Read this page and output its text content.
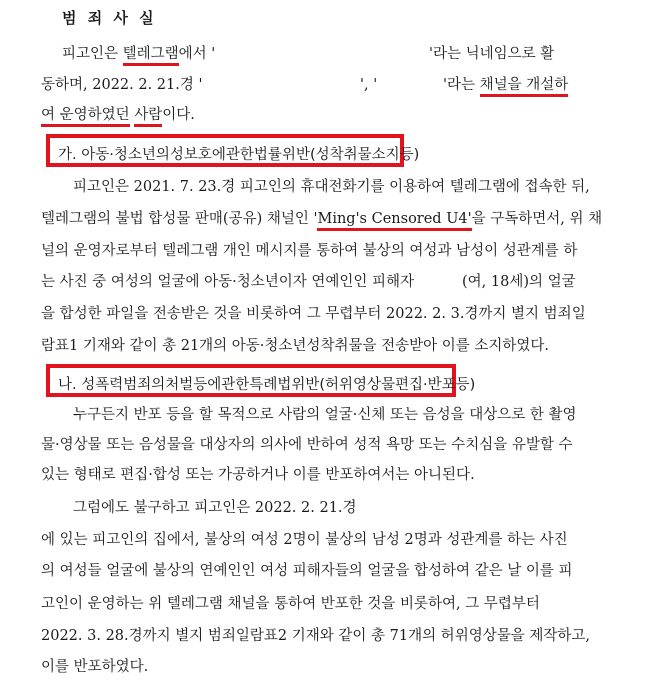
범 죄 사 실
피고인은 텔레그램에서 '	'라는 닉네임으로 활
동하며, 2022. 2. 21.경 '	', '	'라는 채널을 개설하
여 운영하였던 사람이다.
가. 아동·청소년의성보호에관한법률위반(성착취물소지등)
피고인은 2021. 7. 23.경 피고인의 휴대전화기를 이용하여 텔레그램에 접속한 뒤,
텔레그램의 불법 합성물 판매(공유) 채널인 'Ming's Censored U4'을 구독하면서, 위 채
널의 운영자로부터 텔레그램 개인 메시지를 통하여 불상의 여성과 남성이 성관계를 하
는 사진 중 여성의 얼굴에 아동·청소년이자 연예인인 피해자	(여, 18세)의 얼굴
을 합성한 파일을 전송받은 것을 비롯하여 그 무렵부터 2022. 2. 3.경까지 별지 범죄일
람표1 기재와 같이 총 21개의 아동·청소년성착취물을 전송받아 이를 소지하였다.
나. 성폭력범죄의처벌등에관한특례법위반(허위영상물편집·반포등)
누구든지 반포 등을 할 목적으로 사람의 얼굴·신체 또는 음성을 대상으로 한 촬영
물·영상물 또는 음성물을 대상자의 의사에 반하여 성적 욕망 또는 수치심을 유발할 수
있는 형태로 편집·합성 또는 가공하거나 이를 반포하여서는 아니된다.
그럼에도 불구하고 피고인은 2022. 2. 21.경
에 있는 피고인의 집에서, 불상의 여성 2명이 불상의 남성 2명과 성관계를 하는 사진
의 여성들 얼굴에 불상의 연예인인 여성 피해자들의 얼굴을 합성하여 같은 날 이를 피
고인이 운영하는 위 텔레그램 채널을 통하여 반포한 것을 비롯하여, 그 무렵부터
2022. 3. 28.경까지 별지 범죄일람표2 기재와 같이 총 71개의 허위영상물을 제작하고,
이를 반포하였다.
